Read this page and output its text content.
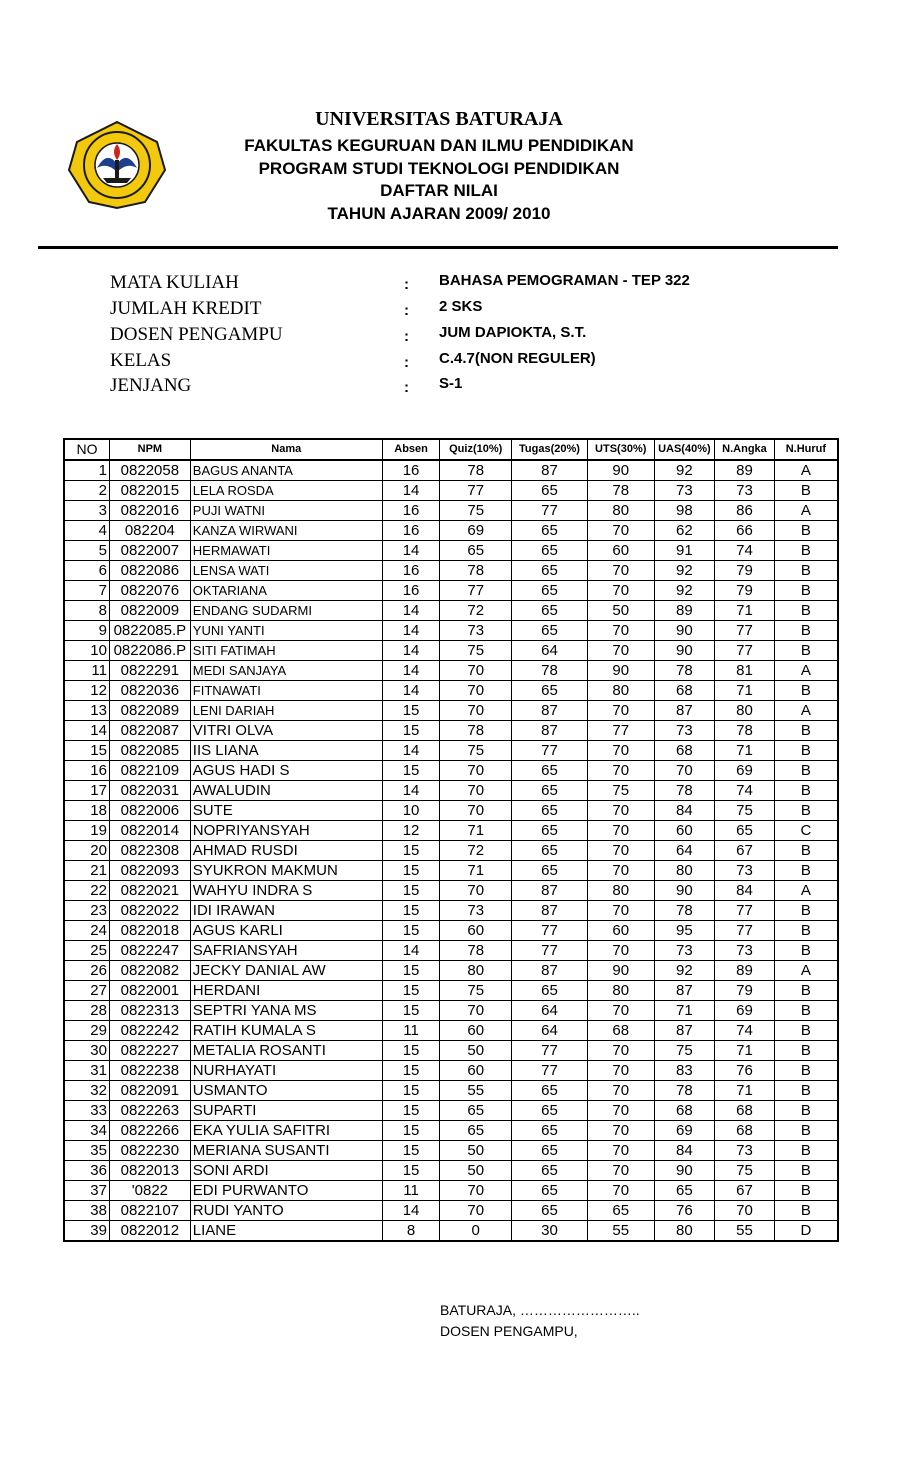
UNIVERSITAS BATURAJA
FAKULTAS KEGURUAN DAN ILMU PENDIDIKAN
PROGRAM STUDI TEKNOLOGI PENDIDIKAN
DAFTAR NILAI
TAHUN AJARAN 2009/ 2010
MATA KULIAH	: BAHASA PEMOGRAMAN - TEP 322
JUMLAH KREDIT	: 2 SKS
DOSEN PENGAMPU	: JUM DAPIOKTA, S.T.
KELAS	: C.4.7(NON REGULER)
JENJANG	: S-1
NO	NPM	Nama	Absen	Quiz(10%)	Tugas(20%)	UTS(30%)	UAS(40%)	N.Angka	N.Huruf
1	0822058	BAGUS ANANTA	16	78	87	90	92	89	A
2	0822015	LELA ROSDA	14	77	65	78	73	73	B
3	0822016	PUJI WATNI	16	75	77	80	98	86	A
4	082204	KANZA WIRWANI	16	69	65	70	62	66	B
5	0822007	HERMAWATI	14	65	65	60	91	74	B
6	0822086	LENSA WATI	16	78	65	70	92	79	B
7	0822076	OKTARIANA	16	77	65	70	92	79	B
8	0822009	ENDANG SUDARMI	14	72	65	50	89	71	B
9	0822085.P	YUNI YANTI	14	73	65	70	90	77	B
10	0822086.P	SITI FATIMAH	14	75	64	70	90	77	B
11	0822291	MEDI SANJAYA	14	70	78	90	78	81	A
12	0822036	FITNAWATI	14	70	65	80	68	71	B
13	0822089	LENI DARIAH	15	70	87	70	87	80	A
14	0822087	VITRI OLVA	15	78	87	77	73	78	B
15	0822085	IIS LIANA	14	75	77	70	68	71	B
16	0822109	AGUS HADI S	15	70	65	70	70	69	B
17	0822031	AWALUDIN	14	70	65	75	78	74	B
18	0822006	SUTE	10	70	65	70	84	75	B
19	0822014	NOPRIYANSYAH	12	71	65	70	60	65	C
20	0822308	AHMAD RUSDI	15	72	65	70	64	67	B
21	0822093	SYUKRON MAKMUN	15	71	65	70	80	73	B
22	0822021	WAHYU INDRA S	15	70	87	80	90	84	A
23	0822022	IDI IRAWAN	15	73	87	70	78	77	B
24	0822018	AGUS KARLI	15	60	77	60	95	77	B
25	0822247	SAFRIANSYAH	14	78	77	70	73	73	B
26	0822082	JECKY DANIAL AW	15	80	87	90	92	89	A
27	0822001	HERDANI	15	75	65	80	87	79	B
28	0822313	SEPTRI YANA MS	15	70	64	70	71	69	B
29	0822242	RATIH KUMALA S	11	60	64	68	87	74	B
30	0822227	METALIA ROSANTI	15	50	77	70	75	71	B
31	0822238	NURHAYATI	15	60	77	70	83	76	B
32	0822091	USMANTO	15	55	65	70	78	71	B
33	0822263	SUPARTI	15	65	65	70	68	68	B
34	0822266	EKA YULIA SAFITRI	15	65	65	70	69	68	B
35	0822230	MERIANA SUSANTI	15	50	65	70	84	73	B
36	0822013	SONI ARDI	15	50	65	70	90	75	B
37	'0822	EDI PURWANTO	11	70	65	70	65	67	B
38	0822107	RUDI YANTO	14	70	65	65	76	70	B
39	0822012	LIANE	8	0	30	55	80	55	D
BATURAJA, ……………………..
DOSEN PENGAMPU,
